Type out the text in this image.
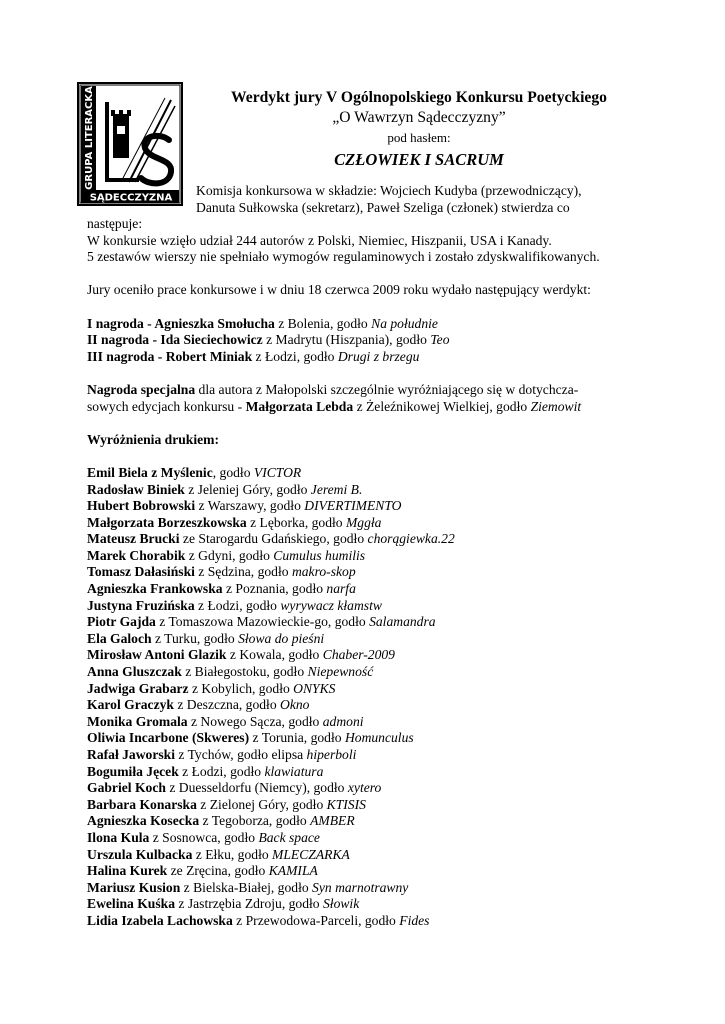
GRUPA LITERACKA
SĄDECCZYZNA
Werdykt jury V Ogólnopolskiego Konkursu Poetyckiego
„O Wawrzyn Sądecczyzny”
pod hasłem:
CZŁOWIEK I SACRUM
Komisja konkursowa w składzie: Wojciech Kudyba (przewodniczący),
Danuta Sułkowska (sekretarz), Paweł Szeliga (członek) stwierdza co

następuje:

W konkursie wzięło udział 244 autorów z Polski, Niemiec, Hiszpanii, USA i Kanady.

5 zestawów wierszy nie spełniało wymogów regulaminowych i zostało zdyskwalifikowanych.

Jury oceniło prace konkursowe i w dniu 18 czerwca 2009 roku wydało następujący werdykt:

I nagroda - Agnieszka Smołucha z Bolenia, godło Na południe

II nagroda - Ida Sieciechowicz z Madrytu (Hiszpania), godło Teo

III nagroda - Robert Miniak z Łodzi, godło Drugi z brzegu

Nagroda specjalna dla autora z Małopolski szczególnie wyróżniającego się w dotychcza-

sowych edycjach konkursu - Małgorzata Lebda z Żeleźnikowej Wielkiej, godło Ziemowit

Wyróżnienia drukiem:

Emil Biela z Myślenic, godło VICTOR

Radosław Biniek z Jeleniej Góry, godło Jeremi B.

Hubert Bobrowski z Warszawy, godło DIVERTIMENTO

Małgorzata Borzeszkowska z Lęborka, godło Mggła

Mateusz Brucki ze Starogardu Gdańskiego, godło chorągiewka.22

Marek Chorabik z Gdyni, godło Cumulus humilis

Tomasz Dałasiński z Sędzina, godło makro-skop

Agnieszka Frankowska z Poznania, godło narfa

Justyna Fruzińska z Łodzi, godło wyrywacz kłamstw

Piotr Gajda z Tomaszowa Mazowieckie-go, godło Salamandra

Ela Galoch z Turku, godło Słowa do pieśni

Mirosław Antoni Glazik z Kowala, godło Chaber-2009

Anna Gluszczak z Białegostoku, godło Niepewność

Jadwiga Grabarz z Kobylich, godło ONYKS

Karol Graczyk z Deszczna, godło Okno

Monika Gromala z Nowego Sącza, godło admoni

Oliwia Incarbone (Skweres) z Torunia, godło Homunculus

Rafał Jaworski z Tychów, godło elipsa hiperboli

Bogumiła Jęcek z Łodzi, godło klawiatura

Gabriel Koch z Duesseldorfu (Niemcy), godło xytero

Barbara Konarska z Zielonej Góry, godło KTISIS

Agnieszka Kosecka z Tegoborza, godło AMBER

Ilona Kula z Sosnowca, godło Back space

Urszula Kulbacka z Ełku, godło MLECZARKA

Halina Kurek ze Zręcina, godło KAMILA

Mariusz Kusion z Bielska-Białej, godło Syn marnotrawny

Ewelina Kuśka z Jastrzębia Zdroju, godło Słowik

Lidia Izabela Lachowska z Przewodowa-Parceli, godło Fides
